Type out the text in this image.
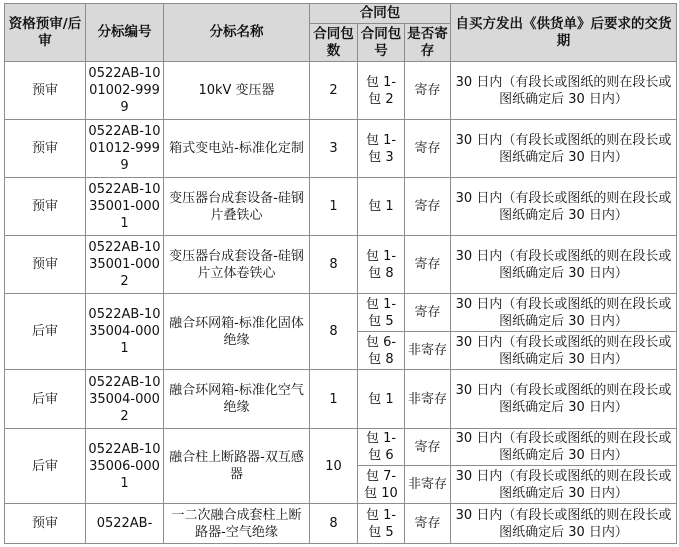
资格预审/后审	分标编号	分标名称	合同包			自买方发出《供货单》后要求的交货期
			合同包数	合同包号	是否寄存	
预审	0522AB-1001002-9999	10kV 变压器	2	包 1-包 2	寄存	30 日内（有段长或图纸的则在段长或图纸确定后 30 日内）
预审	0522AB-1001012-9999	箱式变电站-标准化定制	3	包 1-包 3	寄存	30 日内（有段长或图纸的则在段长或图纸确定后 30 日内）
预审	0522AB-1035001-0001	变压器台成套设备-硅钢片叠铁心	1	包 1	寄存	30 日内（有段长或图纸的则在段长或图纸确定后 30 日内）
预审	0522AB-1035001-0002	变压器台成套设备-硅钢片立体卷铁心	8	包 1-包 8	寄存	30 日内（有段长或图纸的则在段长或图纸确定后 30 日内）
后审	0522AB-1035004-0001	融合环网箱-标准化固体绝缘	8	包 1-包 5	寄存	30 日内（有段长或图纸的则在段长或图纸确定后 30 日内）
				包 6-包 8	非寄存	30 日内（有段长或图纸的则在段长或图纸确定后 30 日内）
后审	0522AB-1035004-0002	融合环网箱-标准化空气绝缘	1	包 1	非寄存	30 日内（有段长或图纸的则在段长或图纸确定后 30 日内）
后审	0522AB-1035006-0001	融合柱上断路器-双互感器	10	包 1-包 6	寄存	30 日内（有段长或图纸的则在段长或图纸确定后 30 日内）
				包 7-包 10	非寄存	30 日内（有段长或图纸的则在段长或图纸确定后 30 日内）
预审	0522AB-	一二次融合成套柱上断路器-空气绝缘	8	包 1-包 5	寄存	30 日内（有段长或图纸的则在段长或图纸确定后 30 日内）
